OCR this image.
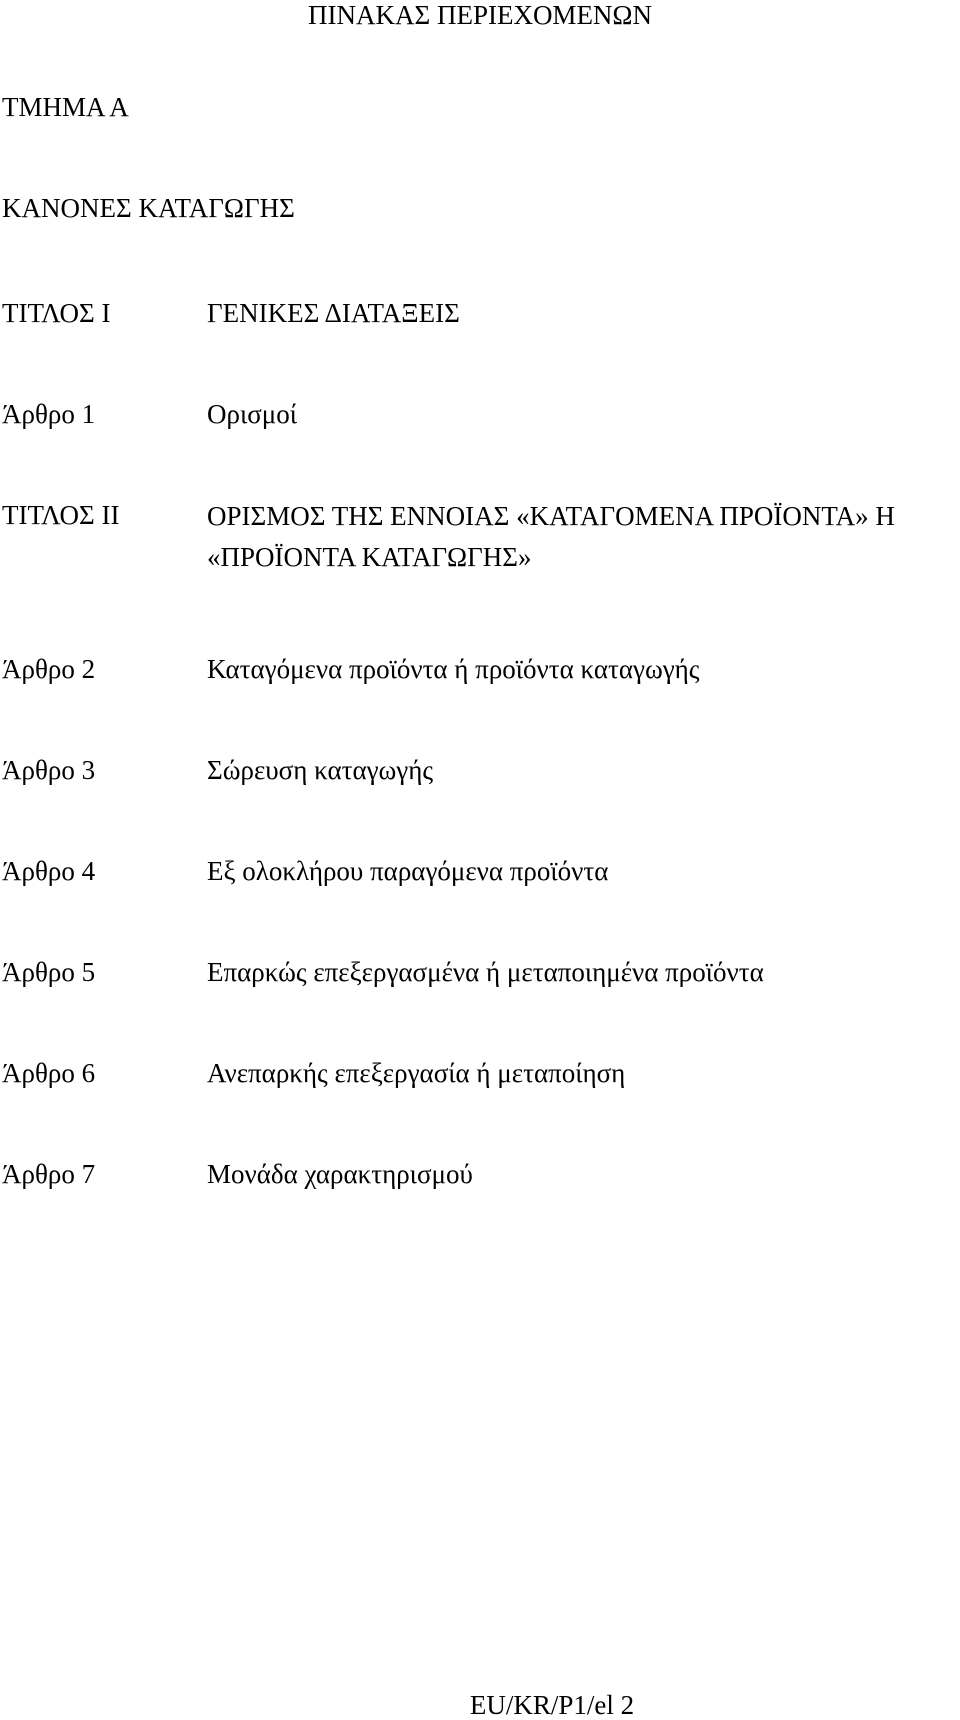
ΠΙΝΑΚΑΣ ΠΕΡΙΕΧΟΜΕΝΩΝ
ΤΜΗΜΑ Α
ΚΑΝΟΝΕΣ ΚΑΤΑΓΩΓΗΣ
ΤΙΤΛΟΣ Ι	ΓΕΝΙΚΕΣ ΔΙΑΤΑΞΕΙΣ
Άρθρο 1	Ορισμοί
ΤΙΤΛΟΣ ΙΙ	ΟΡΙΣΜΟΣ ΤΗΣ ΕΝΝΟΙΑΣ «ΚΑΤΑΓΟΜΕΝΑ ΠΡΟΪΟΝΤΑ» Η «ΠΡΟΪΟΝΤΑ ΚΑΤΑΓΩΓΗΣ»
Άρθρο 2	Καταγόμενα προϊόντα ή προϊόντα καταγωγής
Άρθρο 3	Σώρευση καταγωγής
Άρθρο 4	Εξ ολοκλήρου παραγόμενα προϊόντα
Άρθρο 5	Επαρκώς επεξεργασμένα ή μεταποιημένα προϊόντα
Άρθρο 6	Ανεπαρκής επεξεργασία ή μεταποίηση
Άρθρο 7	Μονάδα χαρακτηρισμού
EU/KR/P1/el 2
